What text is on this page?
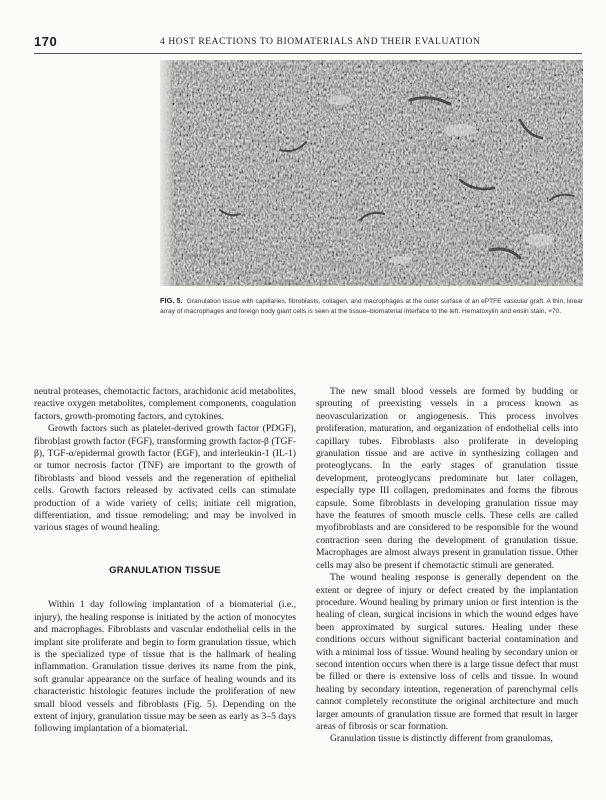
170	4 HOST REACTIONS TO BIOMATERIALS AND THEIR EVALUATION
FIG. 5. Granulation tissue with capillaries, fibroblasts, collagen, and macrophages at the outer surface of an ePTFE vascular graft. A thin, linear array of macrophages and foreign body giant cells is seen at the tissue–biomaterial interface to the left. Hematoxylin and eosin stain, ×70.

neutral proteases, chemotactic factors, arachidonic acid metabolites, reactive oxygen metabolites, complement components, coagulation factors, growth-promoting factors, and cytokines.

Growth factors such as platelet-derived growth factor (PDGF), fibroblast growth factor (FGF), transforming growth factor-β (TGF-β), TGF-α/epidermal growth factor (EGF), and interleukin-1 (IL-1) or tumor necrosis factor (TNF) are important to the growth of fibroblasts and blood vessels and the regeneration of epithelial cells. Growth factors released by activated cells can stimulate production of a wide variety of cells; initiate cell migration, differentiation, and tissue remodeling; and may be involved in various stages of wound healing.

GRANULATION TISSUE

Within 1 day following implantation of a biomaterial (i.e., injury), the healing response is initiated by the action of monocytes and macrophages. Fibroblasts and vascular endothelial cells in the implant site proliferate and begin to form granulation tissue, which is the specialized type of tissue that is the hallmark of healing inflammation. Granulation tissue derives its name from the pink, soft granular appearance on the surface of healing wounds and its characteristic histologic features include the proliferation of new small blood vessels and fibroblasts (Fig. 5). Depending on the extent of injury, granulation tissue may be seen as early as 3–5 days following implantation of a biomaterial.

The new small blood vessels are formed by budding or sprouting of preexisting vessels in a process known as neovascularization or angiogenesis. This process involves proliferation, maturation, and organization of endothelial cells into capillary tubes. Fibroblasts also proliferate in developing granulation tissue and are active in synthesizing collagen and proteoglycans. In the early stages of granulation tissue development, proteoglycans predominate but later collagen, especially type III collagen, predominates and forms the fibrous capsule. Some fibroblasts in developing granulation tissue may have the features of smooth muscle cells. These cells are called myofibroblasts and are considered to be responsible for the wound contraction seen during the development of granulation tissue. Macrophages are almost always present in granulation tissue. Other cells may also be present if chemotactic stimuli are generated.

The wound healing response is generally dependent on the extent or degree of injury or defect created by the implantation procedure. Wound healing by primary union or first intention is the healing of clean, surgical incisions in which the wound edges have been approximated by surgical sutures. Healing under these conditions occurs without significant bacterial contamination and with a minimal loss of tissue. Wound healing by secondary union or second intention occurs when there is a large tissue defect that must be filled or there is extensive loss of cells and tissue. In wound healing by secondary intention, regeneration of parenchymal cells cannot completely reconstitute the original architecture and much larger amounts of granulation tissue are formed that result in larger areas of fibrosis or scar formation.

Granulation tissue is distinctly different from granulomas,
